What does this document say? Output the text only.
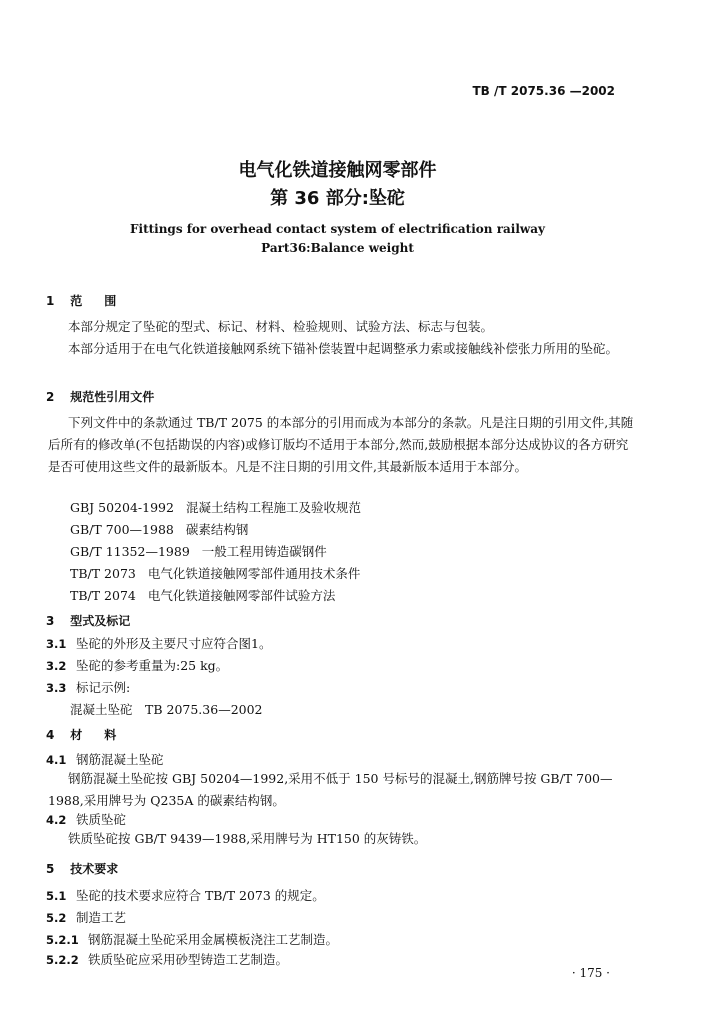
TB /T 2075.36 —2002
电气化铁道接触网零部件
第 36 部分:坠砣
Fittings for overhead contact system of electrification railway
Part36:Balance weight
1 范围
本部分规定了坠砣的型式、标记、材料、检验规则、试验方法、标志与包装。
本部分适用于在电气化铁道接触网系统下锚补偿装置中起调整承力索或接触线补偿张力所用的坠砣。
2 规范性引用文件
下列文件中的条款通过 TB/T 2075 的本部分的引用而成为本部分的条款。凡是注日期的引用文件,其随后所有的修改单(不包括勘误的内容)或修订版均不适用于本部分,然而,鼓励根据本部分达成协议的各方研究是否可使用这些文件的最新版本。凡是不注日期的引用文件,其最新版本适用于本部分。
GBJ 50204-1992 混凝土结构工程施工及验收规范
GB/T 700—1988 碳素结构钢
GB/T 11352—1989 一般工程用铸造碳钢件
TB/T 2073 电气化铁道接触网零部件通用技术条件
TB/T 2074 电气化铁道接触网零部件试验方法
3 型式及标记
3.1 坠砣的外形及主要尺寸应符合图1。
3.2 坠砣的参考重量为:25 kg。
3.3 标记示例:
混凝土坠砣　TB 2075.36—2002
4 材料
4.1 钢筋混凝土坠砣
钢筋混凝土坠砣按 GBJ 50204—1992,采用不低于 150 号标号的混凝土,钢筋牌号按 GB/T 700—1988,采用牌号为 Q235A 的碳素结构钢。
4.2 铁质坠砣
铁质坠砣按 GB/T 9439—1988,采用牌号为 HT150 的灰铸铁。
5 技术要求
5.1 坠砣的技术要求应符合 TB/T 2073 的规定。
5.2 制造工艺
5.2.1 钢筋混凝土坠砣采用金属模板浇注工艺制造。
5.2.2 铁质坠砣应采用砂型铸造工艺制造。
· 175 ·
